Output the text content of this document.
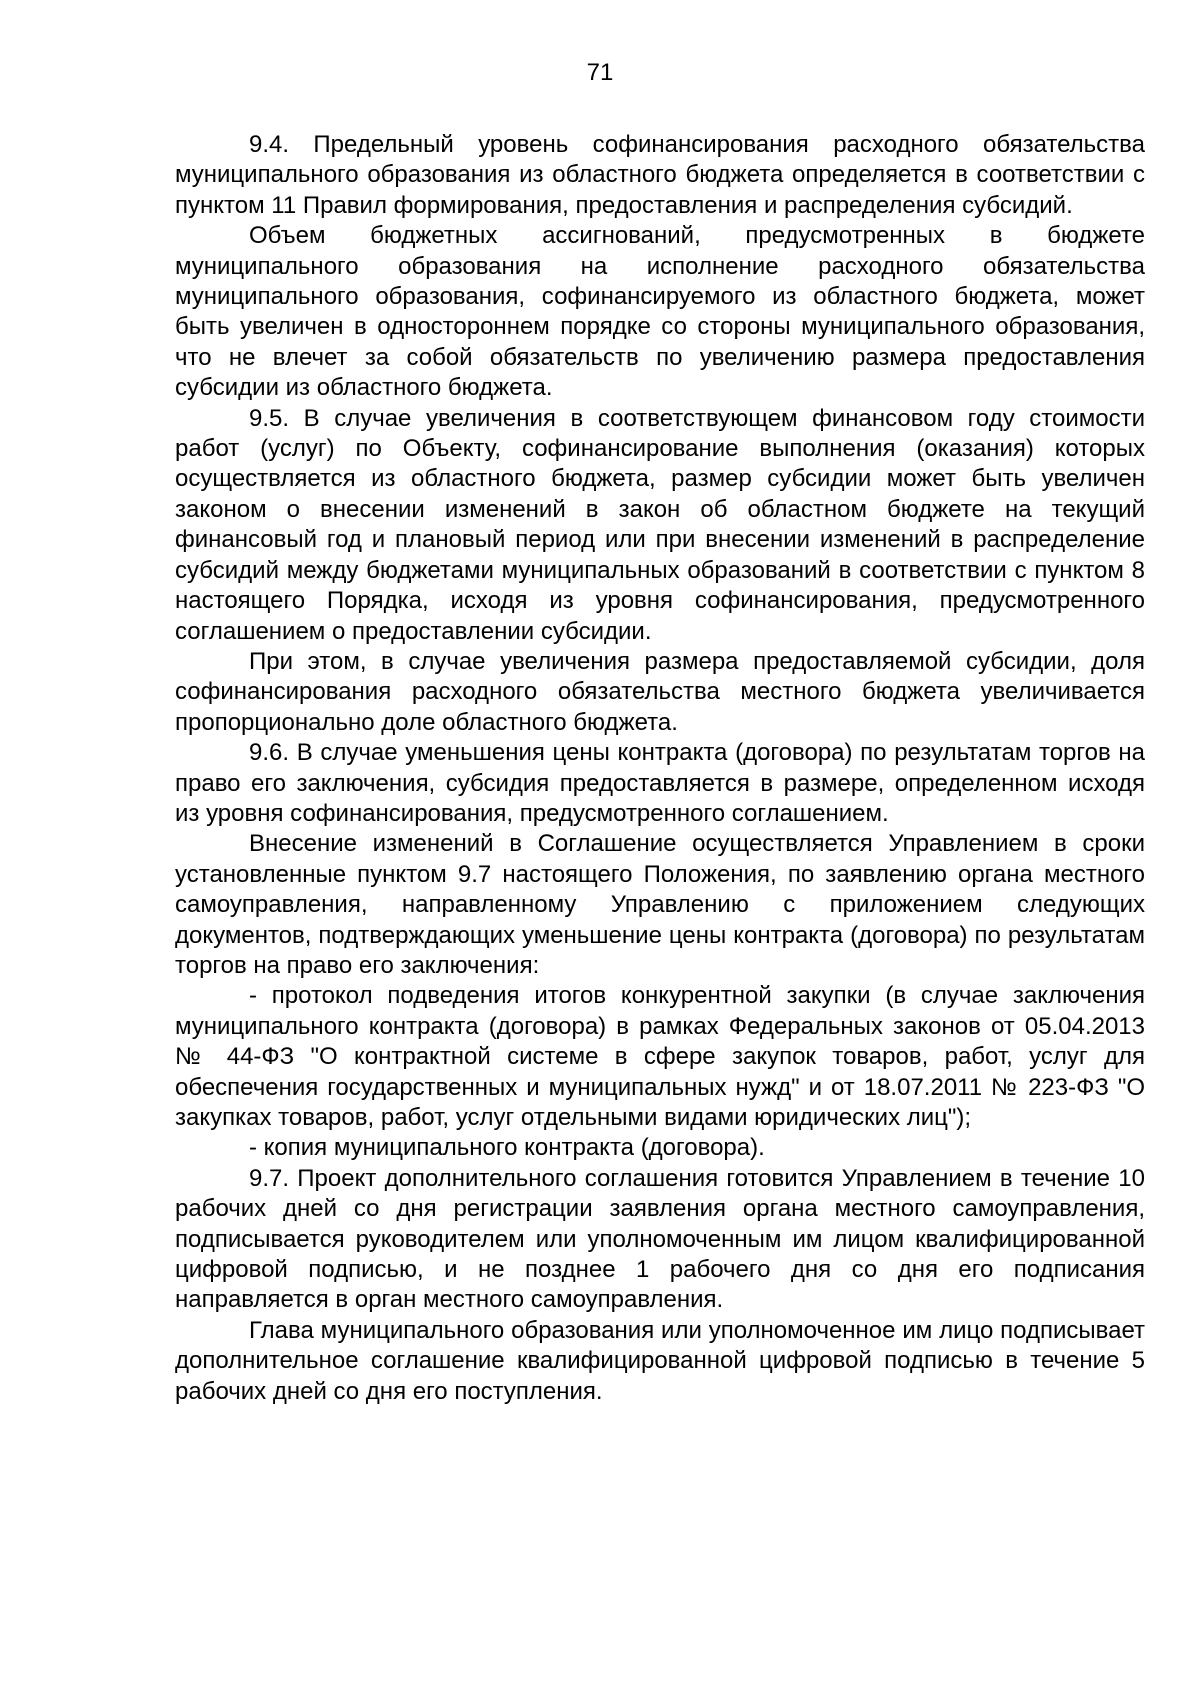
71

9.4. Предельный уровень софинансирования расходного обязательства муниципального образования из областного бюджета определяется в соответствии с пунктом 11 Правил формирования, предоставления и распределения субсидий.

Объем бюджетных ассигнований, предусмотренных в бюджете муниципального образования на исполнение расходного обязательства муниципального образования, софинансируемого из областного бюджета, может быть увеличен в одностороннем порядке со стороны муниципального образования, что не влечет за собой обязательств по увеличению размера предоставления субсидии из областного бюджета.

9.5. В случае увеличения в соответствующем финансовом году стоимости работ (услуг) по Объекту, софинансирование выполнения (оказания) которых осуществляется из областного бюджета, размер субсидии может быть увеличен законом о внесении изменений в закон об областном бюджете на текущий финансовый год и плановый период или при внесении изменений в распределение субсидий между бюджетами муниципальных образований в соответствии с пунктом 8 настоящего Порядка, исходя из уровня софинансирования, предусмотренного соглашением о предоставлении субсидии.

При этом, в случае увеличения размера предоставляемой субсидии, доля софинансирования расходного обязательства местного бюджета увеличивается пропорционально доле областного бюджета.

9.6. В случае уменьшения цены контракта (договора) по результатам торгов на право его заключения, субсидия предоставляется в размере, определенном исходя из уровня софинансирования, предусмотренного соглашением.

Внесение изменений в Соглашение осуществляется Управлением в сроки установленные пунктом 9.7 настоящего Положения, по заявлению органа местного самоуправления, направленному Управлению с приложением следующих документов, подтверждающих уменьшение цены контракта (договора) по результатам торгов на право его заключения:

- протокол подведения итогов конкурентной закупки (в случае заключения муниципального контракта (договора) в рамках Федеральных законов от 05.04.2013 № 44-ФЗ "О контрактной системе в сфере закупок товаров, работ, услуг для обеспечения государственных и муниципальных нужд" и от 18.07.2011 № 223-ФЗ "О закупках товаров, работ, услуг отдельными видами юридических лиц");

- копия муниципального контракта (договора).

9.7. Проект дополнительного соглашения готовится Управлением в течение 10 рабочих дней со дня регистрации заявления органа местного самоуправления, подписывается руководителем или уполномоченным им лицом квалифицированной цифровой подписью, и не позднее 1 рабочего дня со дня его подписания направляется в орган местного самоуправления.

Глава муниципального образования или уполномоченное им лицо подписывает дополнительное соглашение квалифицированной цифровой подписью в течение 5 рабочих дней со дня его поступления.
